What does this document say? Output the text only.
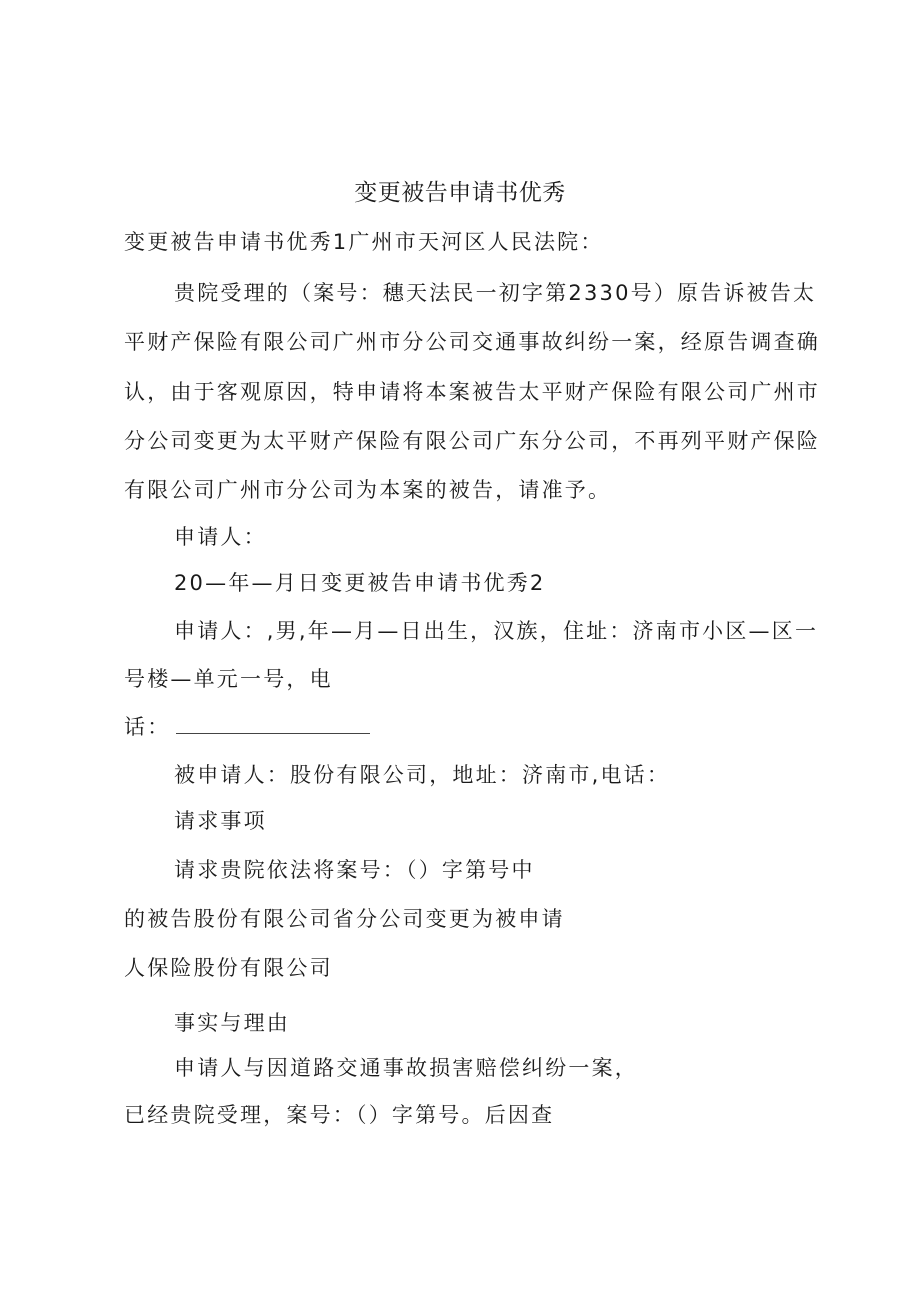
变更被告申请书优秀
变更被告申请书优秀1广州市天河区人民法院：
贵院受理的（案号：穗天法民一初字第2330号）原告诉被告太
平财产保险有限公司广州市分公司交通事故纠纷一案，经原告调查确
认，由于客观原因，特申请将本案被告太平财产保险有限公司广州市
分公司变更为太平财产保险有限公司广东分公司，不再列平财产保险
有限公司广州市分公司为本案的被告，请准予。
申请人：
20—年—月日变更被告申请书优秀2
申请人：,男,年—月—日出生，汉族，住址：济南市小区—区一
号楼—单元一号，电
话：
被申请人：股份有限公司，地址：济南市,电话：
请求事项
请求贵院依法将案号：（）字第号中
的被告股份有限公司省分公司变更为被申请
人保险股份有限公司
事实与理由
申请人与因道路交通事故损害赔偿纠纷一案，
已经贵院受理，案号：（）字第号。后因查
